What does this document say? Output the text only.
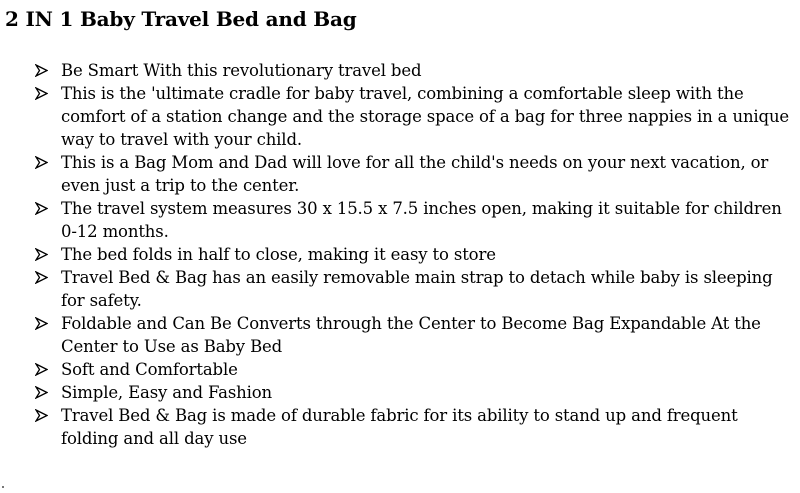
2 IN 1 Baby Travel Bed and Bag
Be Smart With this revolutionary travel bed
This is the 'ultimate cradle for baby travel, combining a comfortable sleep with the comfort of a station change and the storage space of a bag for three nappies in a unique way to travel with your child.
This is a Bag Mom and Dad will love for all the child's needs on your next vacation, or even just a trip to the center.
The travel system measures 30 x 15.5 x 7.5 inches open, making it suitable for children 0-12 months.
The bed folds in half to close, making it easy to store
Travel Bed & Bag has an easily removable main strap to detach while baby is sleeping for safety.
Foldable and Can Be Converts through the Center to Become Bag Expandable At the Center to Use as Baby Bed
Soft and Comfortable
Simple, Easy and Fashion
Travel Bed & Bag is made of durable fabric for its ability to stand up and frequent folding and all day use
